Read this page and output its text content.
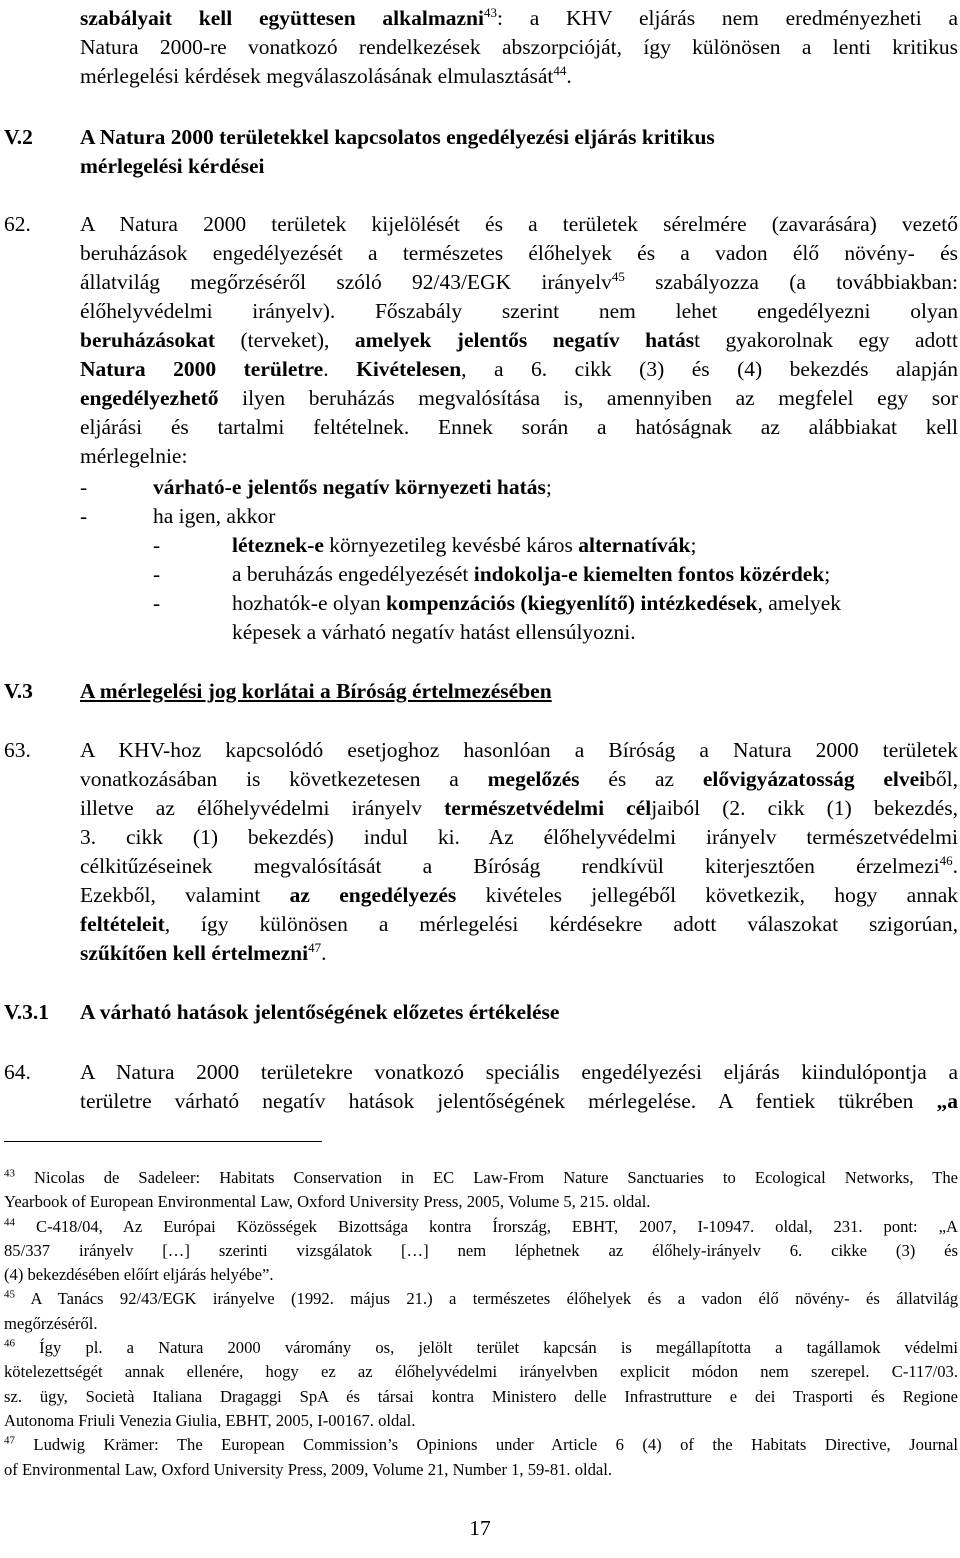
szabályait kell együttesen alkalmazni$^{43}$: a KHV eljárás nem eredményezheti a
Natura 2000-re vonatkozó rendelkezések abszorpcióját, így különösen a lenti kritikus
mérlegelési kérdések megválaszolásának elmulasztását$^{44}$.
V.2 A Natura 2000 területekkel kapcsolatos engedélyezési eljárás kritikus
mérlegelési kérdései
62. A Natura 2000 területek kijelölését és a területek sérelmére (zavarására) vezető
beruházások engedélyezését a természetes élőhelyek és a vadon élő növény- és
állatvilág megőrzéséről szóló 92/43/EGK irányelv$^{45}$ szabályozza (a továbbiakban:
élőhelyvédelmi irányelv). Főszabály szerint nem lehet engedélyezni olyan
beruházásokat (terveket), amelyek jelentős negatív hatást gyakorolnak egy adott
Natura 2000 területre. Kivételesen, a 6. cikk (3) és (4) bekezdés alapján
engedélyezhető ilyen beruházás megvalósítása is, amennyiben az megfelel egy sor
eljárási és tartalmi feltételnek. Ennek során a hatóságnak az alábbiakat kell
mérlegelnie:
-	várható-e jelentős negatív környezeti hatás;
-	ha igen, akkor
-	léteznek-e környezetileg kevésbé káros alternatívák;
-	a beruházás engedélyezését indokolja-e kiemelten fontos közérdek;
-	hozhatók-e olyan kompenzációs (kiegyenlítő) intézkedések, amelyek
képesek a várható negatív hatást ellensúlyozni.
V.3 A mérlegelési jog korlátai a Bíróság értelmezésében
63. A KHV-hoz kapcsolódó esetjoghoz hasonlóan a Bíróság a Natura 2000 területek
vonatkozásában is következetesen a megelőzés és az elővigyázatosság elveiből,
illetve az élőhelyvédelmi irányelv természetvédelmi céljaiból (2. cikk (1) bekezdés,
3. cikk (1) bekezdés) indul ki. Az élőhelyvédelmi irányelv természetvédelmi
célkitűzéseinek megvalósítását a Bíróság rendkívül kiterjesztően érzelmezi$^{46}$.
Ezekből, valamint az engedélyezés kivételes jellegéből következik, hogy annak
feltételeit, így különösen a mérlegelési kérdésekre adott válaszokat szigorúan,
szűkítően kell értelmezni$^{47}$.
V.3.1 A várható hatások jelentőségének előzetes értékelése
64. A Natura 2000 területekre vonatkozó speciális engedélyezési eljárás kiindulópontja a
területre várható negatív hatások jelentőségének mérlegelése. A fentiek tükrében „a
$^{43}$ Nicolas de Sadeleer: Habitats Conservation in EC Law-From Nature Sanctuaries to Ecological Networks, The
Yearbook of European Environmental Law, Oxford University Press, 2005, Volume 5, 215. oldal.
$^{44}$ C-418/04, Az Európai Közösségek Bizottsága kontra Írország, EBHT, 2007, I-10947. oldal, 231. pont: „A
85/337 irányelv […] szerinti vizsgálatok […] nem léphetnek az élőhely-irányelv 6. cikke (3) és
(4) bekezdésében előírt eljárás helyébe”.
$^{45}$ A Tanács 92/43/EGK irányelve (1992. május 21.) a természetes élőhelyek és a vadon élő növény- és állatvilág
megőrzéséről.
$^{46}$ Így pl. a Natura 2000 váromány os, jelölt terület kapcsán is megállapította a tagállamok védelmi
kötelezettségét annak ellenére, hogy ez az élőhelyvédelmi irányelvben explicit módon nem szerepel. C-117/03.
sz. ügy, Società Italiana Dragaggi SpA és társai kontra Ministero delle Infrastrutture e dei Trasporti és Regione
Autonoma Friuli Venezia Giulia, EBHT, 2005, I-00167. oldal.
$^{47}$ Ludwig Krämer: The European Commission’s Opinions under Article 6 (4) of the Habitats Directive, Journal
of Environmental Law, Oxford University Press, 2009, Volume 21, Number 1, 59-81. oldal.
17
